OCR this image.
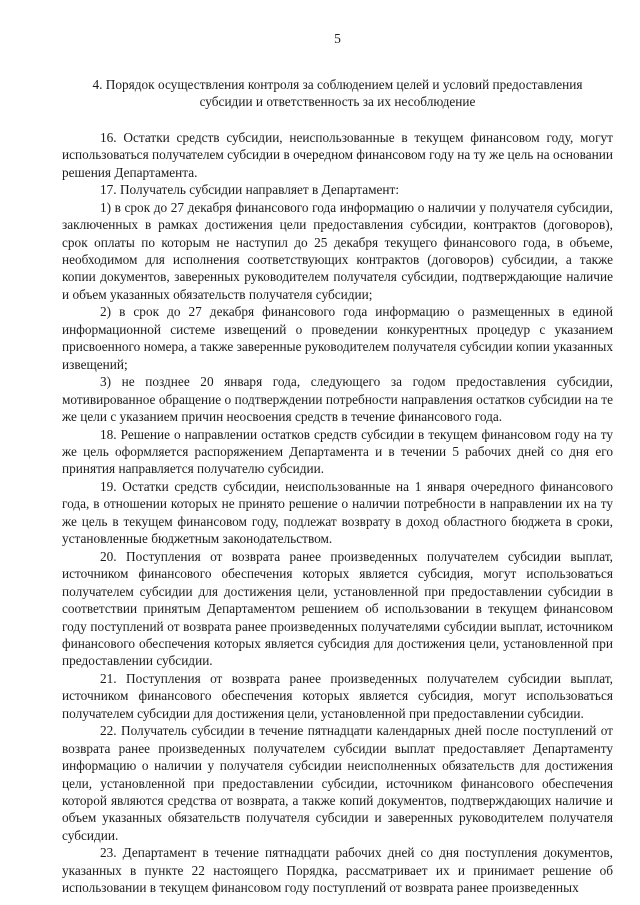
5
4. Порядок осуществления контроля за соблюдением целей и условий предоставления субсидии и ответственность за их несоблюдение

16. Остатки средств субсидии, неиспользованные в текущем финансовом году, могут использоваться получателем субсидии в очередном финансовом году на ту же цель на основании решения Департамента.

17. Получатель субсидии направляет в Департамент:

1) в срок до 27 декабря финансового года информацию о наличии у получателя субсидии, заключенных в рамках достижения цели предоставления субсидии, контрактов (договоров), срок оплаты по которым не наступил до 25 декабря текущего финансового года, в объеме, необходимом для исполнения соответствующих контрактов (договоров) субсидии, а также копии документов, заверенных руководителем получателя субсидии, подтверждающие наличие и объем указанных обязательств получателя субсидии;

2) в срок до 27 декабря финансового года информацию о размещенных в единой информационной системе извещений о проведении конкурентных процедур с указанием присвоенного номера, а также заверенные руководителем получателя субсидии копии указанных извещений;

3) не позднее 20 января года, следующего за годом предоставления субсидии, мотивированное обращение о подтверждении потребности направления остатков субсидии на те же цели с указанием причин неосвоения средств в течение финансового года.

18. Решение о направлении остатков средств субсидии в текущем финансовом году на ту же цель оформляется распоряжением Департамента и в течении 5 рабочих дней со дня его принятия направляется получателю субсидии.

19. Остатки средств субсидии, неиспользованные на 1 января очередного финансового года, в отношении которых не принято решение о наличии потребности в направлении их на ту же цель в текущем финансовом году, подлежат возврату в доход областного бюджета в сроки, установленные бюджетным законодательством.

20. Поступления от возврата ранее произведенных получателем субсидии выплат, источником финансового обеспечения которых является субсидия, могут использоваться получателем субсидии для достижения цели, установленной при предоставлении субсидии в соответствии принятым Департаментом решением об использовании в текущем финансовом году поступлений от возврата ранее произведенных получателями субсидии выплат, источником финансового обеспечения которых является субсидия для достижения цели, установленной при предоставлении субсидии.

21. Поступления от возврата ранее произведенных получателем субсидии выплат, источником финансового обеспечения которых является субсидия, могут использоваться получателем субсидии для достижения цели, установленной при предоставлении субсидии.

22. Получатель субсидии в течение пятнадцати календарных дней после поступлений от возврата ранее произведенных получателем субсидии выплат предоставляет Департаменту информацию о наличии у получателя субсидии неисполненных обязательств для достижения цели, установленной при предоставлении субсидии, источником финансового обеспечения которой являются средства от возврата, а также копий документов, подтверждающих наличие и объем указанных обязательств получателя субсидии и заверенных руководителем получателя субсидии.

23. Департамент в течение пятнадцати рабочих дней со дня поступления документов, указанных в пункте 22 настоящего Порядка, рассматривает их и принимает решение об использовании в текущем финансовом году поступлений от возврата ранее произведенных
